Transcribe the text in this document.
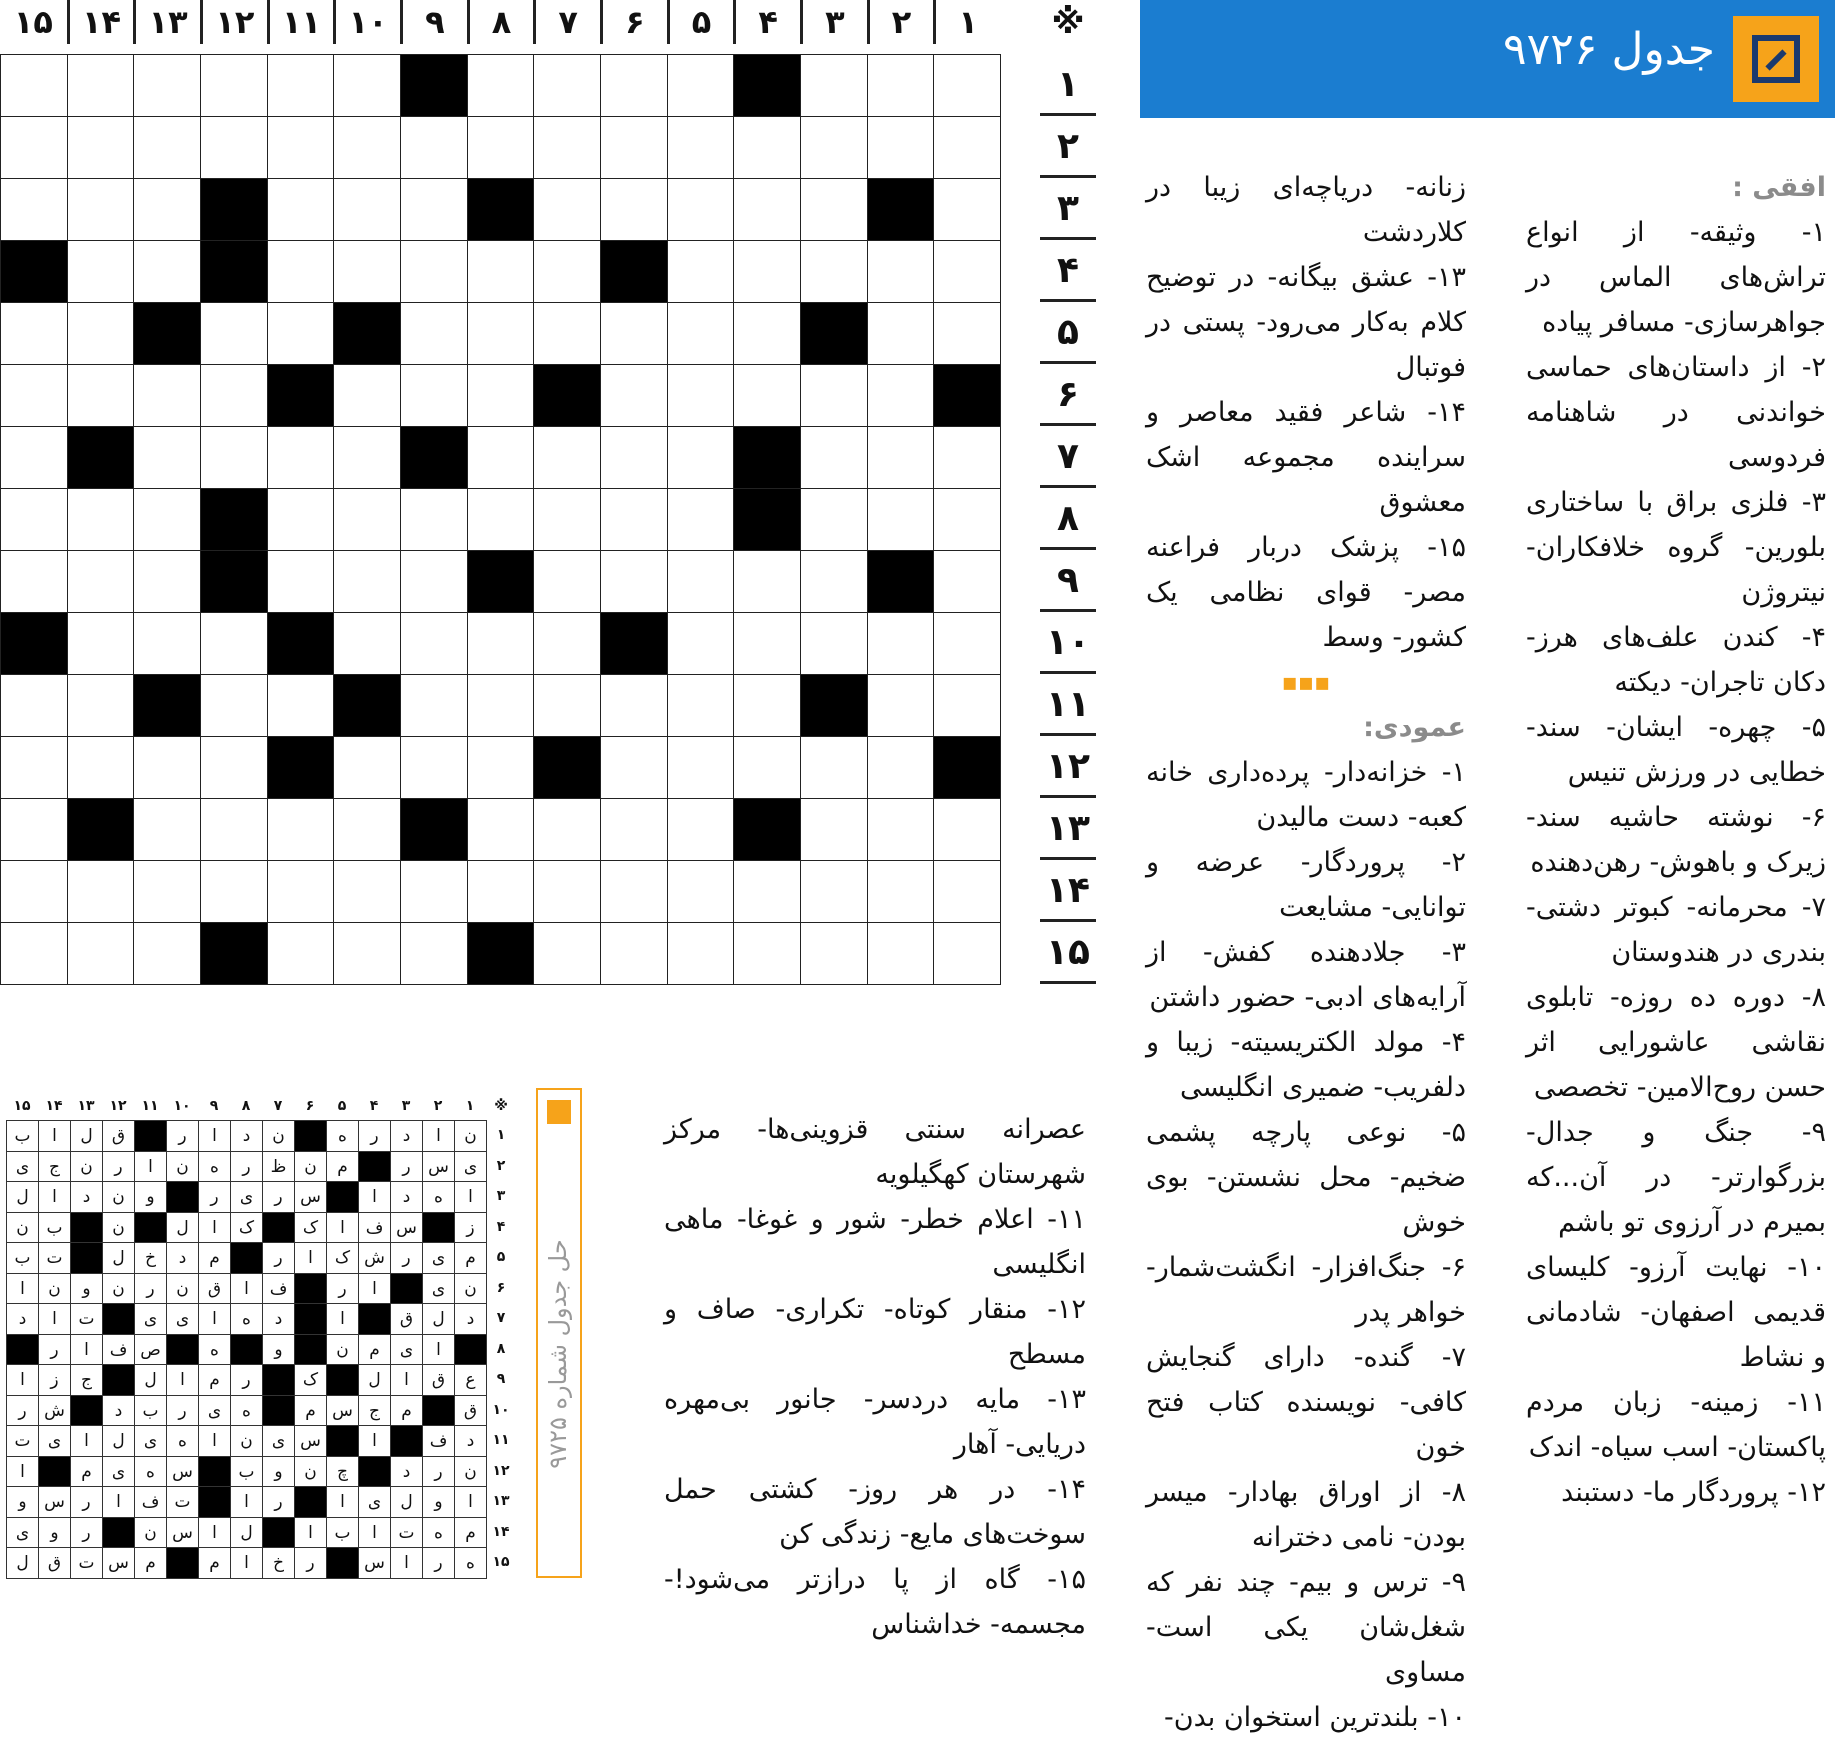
جدول ۹۷۲۶
۱
۲
۳
۴
۵
۶
۷
۸
۹
۱۰
۱۱
۱۲
۱۳
۱۴
۱۵	※
۱
۲
۳
۴
۵
۶
۷
۸
۹
۱۰
۱۱
۱۲
۱۳
۱۴
۱۵
افقی :
۱- وثیقه- از انواع تراش‌های الماس در جواهرسازی- مسافر پیاده
۲- از داستان‌های حماسی خواندنی در شاهنامه فردوسی
۳- فلزی براق با ساختاری بلورین- گروه خلافکاران- نیتروژن
۴- کندن علف‌های هرز- دکان تاجران- دیکته
۵- چهره- ایشان- سند- خطایی در ورزش تنیس
۶- نوشته حاشیه سند- زیرک و باهوش- رهن‌دهنده
۷- محرمانه- کبوتر دشتی- بندری در هندوستان
۸- دوره ده روزه- تابلوی نقاشی عاشورایی اثر حسن روح‌الامین- تخصصی
۹- جنگ و جدال- بزرگوارتر- در آن...که بمیرم در آرزوی تو باشم
۱۰- نهایت آرزو- کلیسای قدیمی اصفهان- شادمانی و نشاط
۱۱- زمینه- زبان مردم پاکستان- اسب سیاه- اندک
۱۲- پروردگار ما- دستبند
زنانه- دریاچه‌ای زیبا در کلاردشت
۱۳- عشق بیگانه- در توضیح کلام به‌کار می‌رود- پستی در فوتبال
۱۴- شاعر فقید معاصر و سراینده مجموعه اشک معشوق
۱۵- پزشک دربار فراعنه مصر- قوای نظامی یک کشور- وسط
▪▪▪
عمودی:
۱- خزانه‌دار- پرده‌داری خانه کعبه- دست مالیدن
۲- پروردگار- عرضه و توانایی- مشایعت
۳- جلادهنده کفش- از آرایه‌های ادبی- حضور داشتن
۴- مولد الکتریسیته- زیبا و دلفریب- ضمیری انگلیسی
۵- نوعی پارچه پشمی ضخیم- محل نشستن- بوی خوش
۶- جنگ‌افزار- انگشت‌شمار- خواهر پدر
۷- گنده- دارای گنجایش کافی- نویسنده کتاب فتح خون
۸- از اوراق بهادار- میسر بودن- نامی دخترانه
۹- ترس و بیم- چند نفر که شغل‌شان یکی است- مساوی
۱۰- بلندترین استخوان بدن-
عصرانه سنتی قزوینی‌ها- مرکز شهرستان کهگیلویه
۱۱- اعلام خطر- شور و غوغا- ماهی انگلیسی
۱۲- منقار کوتاه- تکراری- صاف و مسطح
۱۳- مایه دردسر- جانور بی‌مهره دریایی- آهار
۱۴- در هر روز- کشتی حمل سوخت‌های مایع- زندگی کن
۱۵- گاه از پا درازتر می‌شود!- مجسمه- خداشناس
حل جدول شماره ۹۷۲۵
※
۱
۲
۳
۴
۵
۶
۷
۸
۹
۱۰
۱۱
۱۲
۱۳
۱۴
۱۵
۱
۲
۳
۴
۵
۶
۷
۸
۹
۱۰
۱۱
۱۲
۱۳
۱۴
۱۵
ن
ا
د
ر
ه
ن
د
ا
ر
ق
ل
ا
ب
ی
س
ر
م
ن
ظ
ر
ه
ن
ا
ر
ن
ج
ی
ا
ه
د
ا
س
ر
ی
ر
و
ن
د
ا
ل
ز
س
ف
ا
ک
ک
ا
ل
ن
ب
ن
م
ی
ر
ش
ک
ا
ر
م
د
خ
ل
ت
ب
ن
ی
ا
ر
ف
ا
ق
ن
ر
ن
و
ن
ا
د
ل
ق
ا
د
ه
ا
ی
ی
ت
ا
د
ا
ی
م
ن
و
ه
ص
ف
ا
ر
ع
ق
ا
ل
ک
ر
م
ا
ل
ج
ز
ا
ق
م
ج
س
م
ه
ی
ر
ب
د
ش
ر
د
ف
ا
س
ی
ن
ا
ه
ی
ل
ا
ی
ت
ن
ر
د
چ
ن
و
ب
س
ه
ی
م
ا
ا
و
ل
ی
ا
ر
ا
ت
ف
ا
ر
س
و
م
ه
ت
ا
ب
ا
ل
ا
س
ن
ر
و
ی
ه
ر
ا
س
ر
خ
ا
م
م
س
ت
ق
ل
